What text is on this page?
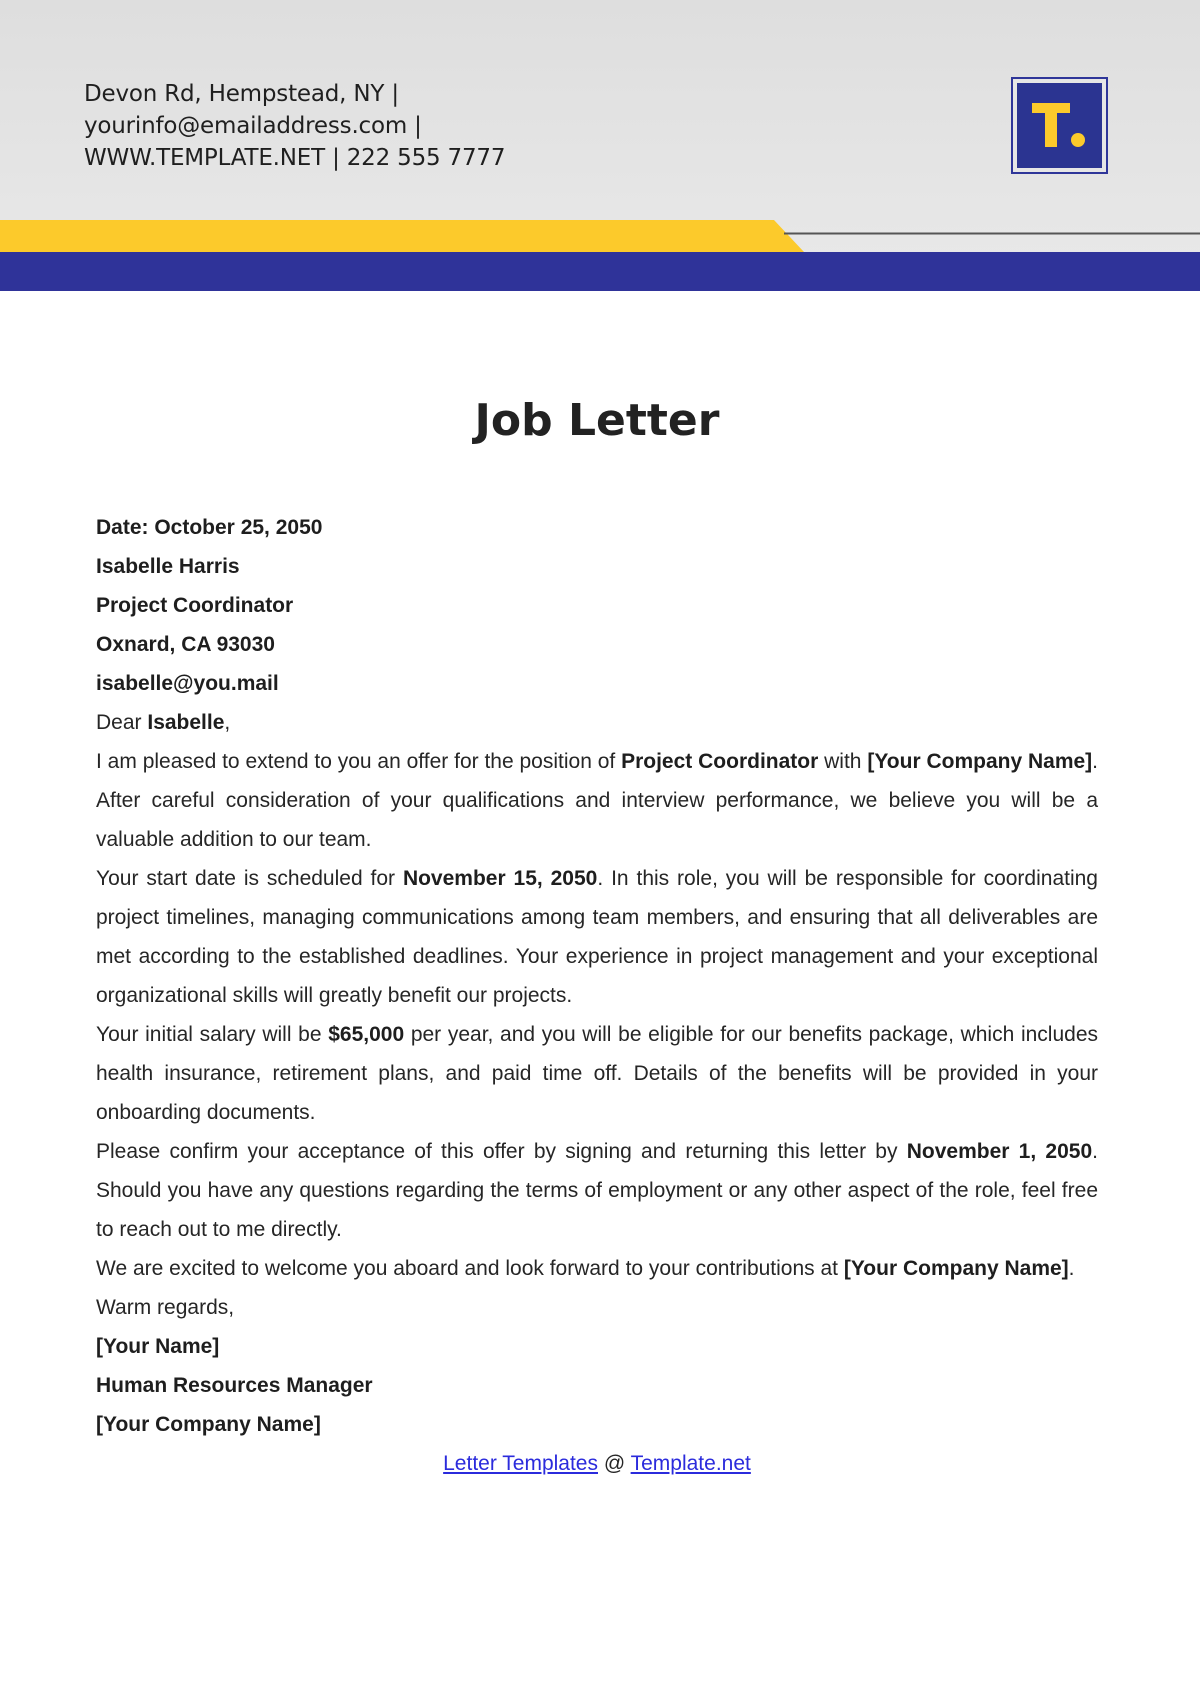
Devon Rd, Hempstead, NY |
yourinfo@emailaddress.com |
WWW.TEMPLATE.NET | 222 555 7777
Job Letter
Date: October 25, 2050
Isabelle Harris
Project Coordinator
Oxnard, CA 93030
isabelle@you.mail
Dear Isabelle,

I am pleased to extend to you an offer for the position of Project Coordinator with [Your Company Name]. After careful consideration of your qualifications and interview performance, we believe you will be a valuable addition to our team.

Your start date is scheduled for November 15, 2050. In this role, you will be responsible for coordinating project timelines, managing communications among team members, and ensuring that all deliverables are met according to the established deadlines. Your experience in project management and your exceptional organizational skills will greatly benefit our projects.

Your initial salary will be $65,000 per year, and you will be eligible for our benefits package, which includes health insurance, retirement plans, and paid time off. Details of the benefits will be provided in your onboarding documents.

Please confirm your acceptance of this offer by signing and returning this letter by November 1, 2050. Should you have any questions regarding the terms of employment or any other aspect of the role, feel free to reach out to me directly.

We are excited to welcome you aboard and look forward to your contributions at [Your Company Name].

Warm regards,
[Your Name]
Human Resources Manager
[Your Company Name]
Letter Templates @ Template.net
